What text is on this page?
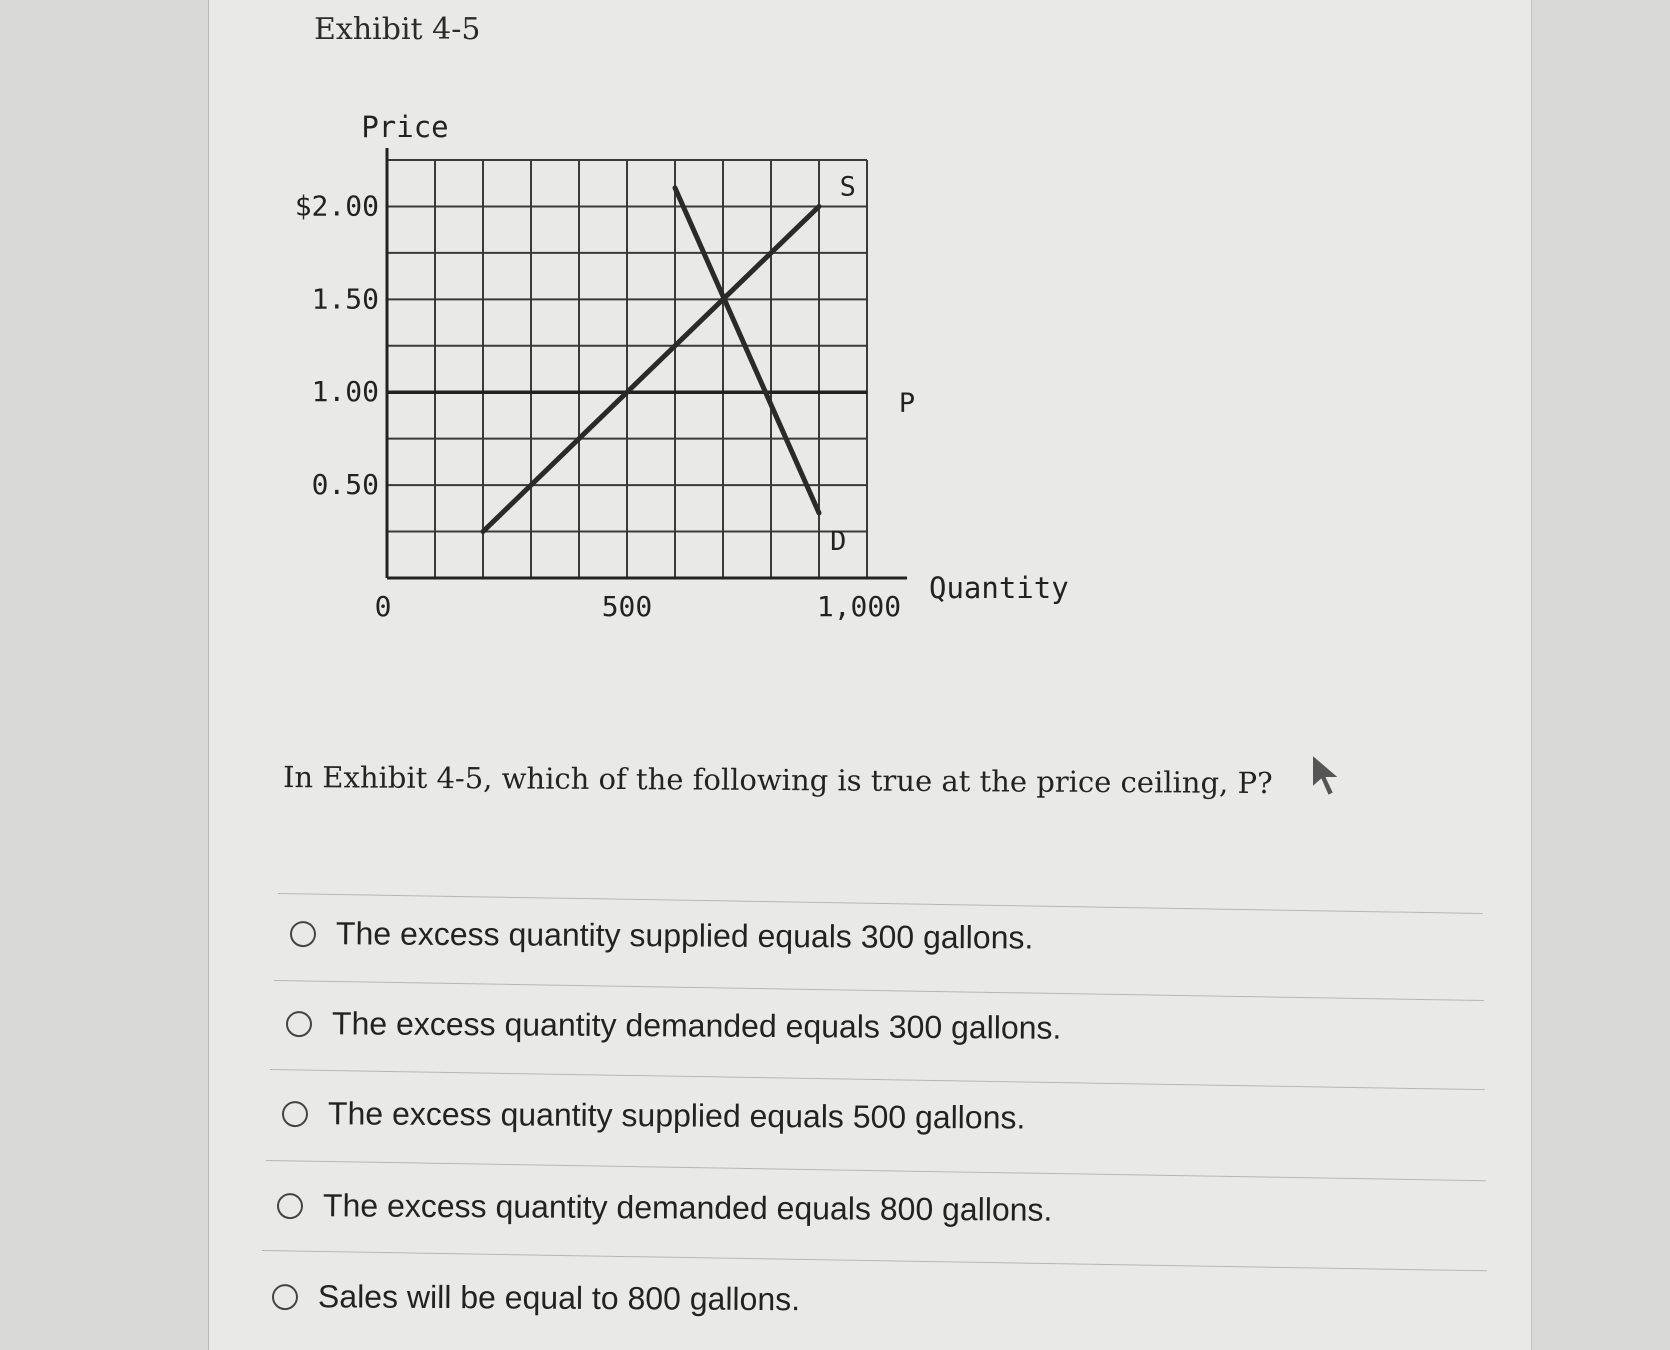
Exhibit 4-5
$2.00
1.50
1.00
0.50
0	500	1,000
Price
Quantity
S
D
P
In Exhibit 4-5, which of the following is true at the price ceiling, P?
The excess quantity supplied equals 300 gallons.
The excess quantity demanded equals 300 gallons.
The excess quantity supplied equals 500 gallons.
The excess quantity demanded equals 800 gallons.
Sales will be equal to 800 gallons.
